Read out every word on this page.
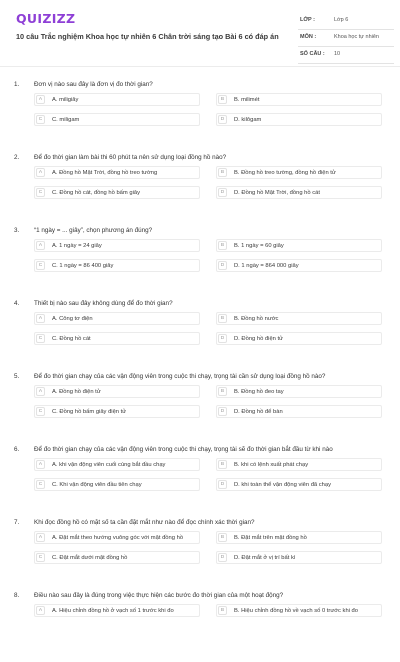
QUIZIZZ
10 câu Trắc nghiệm Khoa học tự nhiên 6 Chân trời sáng tạo Bài 6 có đáp án
LỚP :	Lớp 6
MÔN :	Khoa học tự nhiên
SỐ CÂU : 10
1. Đơn vị nào sau đây là đơn vị đo thời gian?
A	A. miligiây	B	B. milimét
C	C. miligam	D	D. kilôgam
2. Để đo thời gian làm bài thi 60 phút ta nên sử dụng loại đồng hồ nào?
A	A. Đồng hồ Mặt Trời, đồng hồ treo tường	B	B. Đồng hồ treo tường, đồng hồ điện tử
C	C. Đồng hồ cát, đồng hồ bấm giây	D	D. Đồng hồ Mặt Trời, đồng hồ cát
3. “1 ngày = ... giây”, chọn phương án đúng?
A	A. 1 ngày = 24 giây	B	B. 1 ngày = 60 giây
C	C. 1 ngày = 86 400 giây	D	D. 1 ngày = 864 000 giây
4. Thiết bị nào sau đây không dùng để đo thời gian?
A	A. Công tơ điện	B	B. Đồng hồ nước
C	C. Đồng hồ cát	D	D. Đồng hồ điện tử
5. Để đo thời gian chạy của các vận động viên trong cuộc thi chạy, trọng tài cần sử dụng loại đồng hồ nào?
A	A. Đồng hồ điện tử	B	B. Đồng hồ đeo tay
C	C. Đồng hồ bấm giây điện tử	D	D. Đồng hồ để bàn
6. Để đo thời gian chạy của các vận động viên trong cuộc thi chạy, trọng tài sẽ đo thời gian bắt đầu từ khi nào
A	A. khi vận động viên cuối cùng bắt đầu chạy	B	B. khi có lệnh xuất phát chạy
C	C. Khi vận động viên đầu tiên chạy	D	D. khi toàn thể vận động viên đã chạy
7. Khi đọc đồng hồ có mặt số ta cần đặt mắt như nào để đọc chính xác thời gian?
A	A. Đặt mắt theo hướng vuông góc với mặt đồng hồ	B	B. Đặt mắt trên mặt đồng hồ
C	C. Đặt mắt dưới mặt đồng hồ	D	D. Đặt mắt ở vị trí bất kì
8. Điều nào sau đây là đúng trong việc thực hiện các bước đo thời gian của một hoạt động?
A	A. Hiệu chỉnh đồng hồ ở vạch số 1 trước khi đo	B	B. Hiệu chỉnh đồng hồ về vạch số 0 trước khi đo
